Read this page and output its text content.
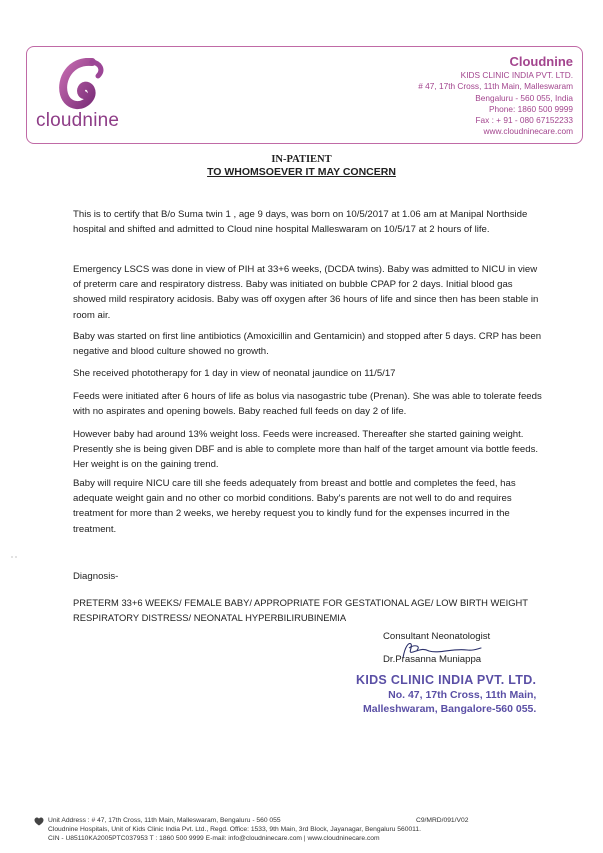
cloudnine
Cloudnine
KIDS CLINIC INDIA PVT. LTD.
# 47, 17th Cross, 11th Main, Malleswaram
Bengaluru - 560 055, India
Phone: 1860 500 9999
Fax : + 91 - 080 67152233
www.cloudninecare.com
IN-PATIENT
TO WHOMSOEVER IT MAY CONCERN

This is to certify that B/o Suma twin 1 , age 9 days, was born on 10/5/2017 at 1.06 am at Manipal Northside hospital and shifted and admitted to Cloud nine hospital Malleswaram on 10/5/17 at 2 hours of life.

Emergency LSCS was done in view of PIH at 33+6 weeks, (DCDA twins). Baby was admitted to NICU in view of preterm care and respiratory distress. Baby was initiated on bubble CPAP for 2 days. Initial blood gas showed mild respiratory acidosis. Baby was off oxygen after 36 hours of life and since then has been stable in room air.

Baby was started on first line antibiotics (Amoxicillin and Gentamicin) and stopped after 5 days. CRP has been negative and blood culture showed no growth.

She received phototherapy for 1 day in view of neonatal jaundice on 11/5/17

Feeds were initiated after 6 hours of life as bolus via nasogastric tube (Prenan). She was able to tolerate feeds with no aspirates and opening bowels. Baby reached full feeds on day 2 of life.

However baby had around 13% weight loss. Feeds were increased. Thereafter she started gaining weight. Presently she is being given DBF and is able to complete more than half of the target amount via bottle feeds. Her weight is on the gaining trend.

Baby will require NICU care till she feeds adequately from breast and bottle and completes the feed, has adequate weight gain and no other co morbid conditions. Baby's parents are not well to do and requires treatment for more than 2 weeks, we hereby request you to kindly fund for the expenses incurred in the treatment.

Diagnosis-
PRETERM 33+6 WEEKS/ FEMALE BABY/ APPROPRIATE FOR GESTATIONAL AGE/ LOW BIRTH WEIGHT RESPIRATORY DISTRESS/ NEONATAL HYPERBILIRUBINEMIA
Consultant Neonatologist
Dr.Prasanna Muniappa
KIDS CLINIC INDIA PVT. LTD.
No. 47, 17th Cross, 11th Main,
Malleshwaram, Bangalore-560 055.
Unit Address : # 47, 17th Cross, 11th Main, Malleswaram, Bengaluru - 560 055	C9/MRD/091/V02
Cloudnine Hospitals, Unit of Kids Clinic India Pvt. Ltd., Regd. Office: 1533, 9th Main, 3rd Block, Jayanagar, Bengaluru 560011.
CIN - U85110KA2005PTC037953 T : 1860 500 9999 E-mail: info@cloudninecare.com | www.cloudninecare.com
